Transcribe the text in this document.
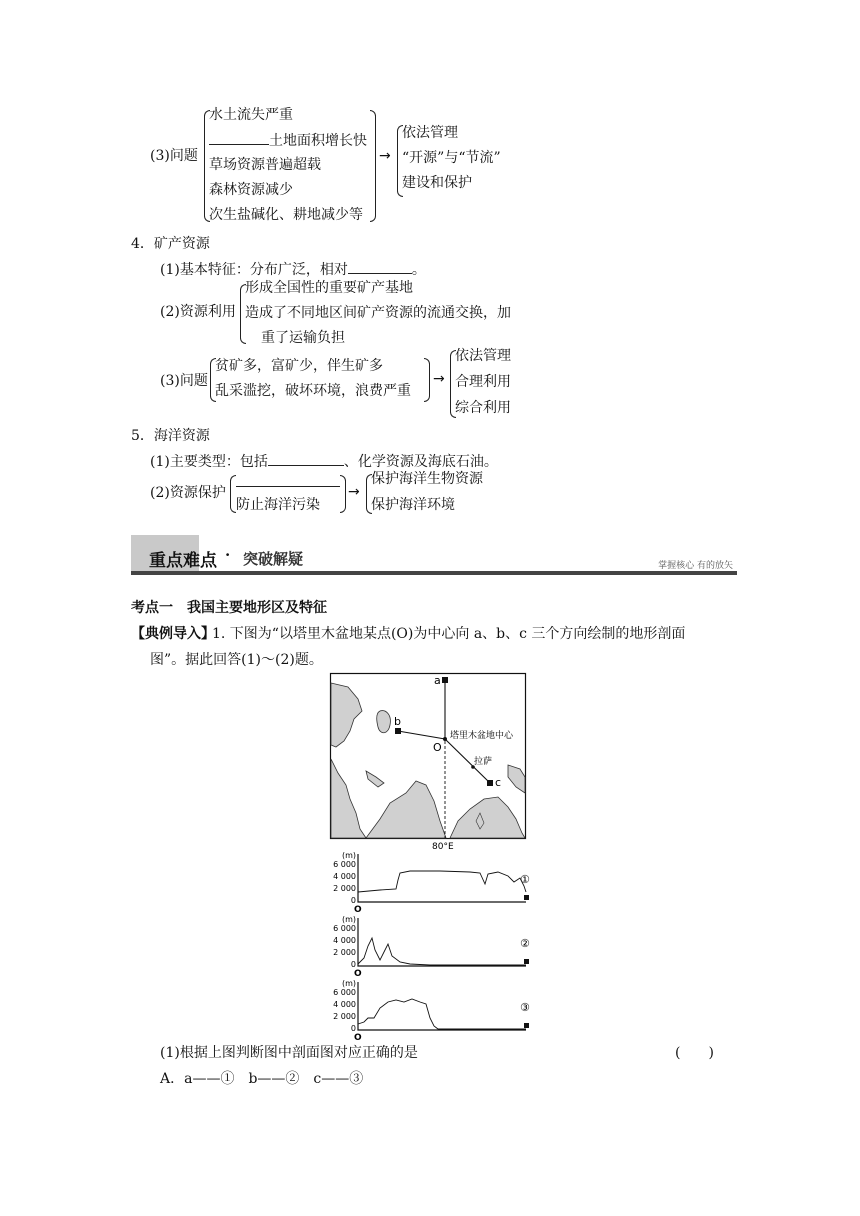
(3)问题
水土流失严重
土地面积增长快
草场资源普遍超载
森林资源减少
次生盐碱化、耕地减少等
→
依法管理
“开源”与“节流”
建设和保护
4．矿产资源
(1)基本特征：分布广泛，相对	。
(2)资源利用
形成全国性的重要矿产基地
造成了不同地区间矿产资源的流通交换，加
重了运输负担
(3)问题
贫矿多，富矿少，伴生矿多
乱采滥挖，破坏环境，浪费严重
→
依法管理
合理利用
综合利用
5．海洋资源
(1)主要类型：包括	、化学资源及海底石油。
(2)资源保护
防止海洋污染
→
保护海洋生物资源
保护海洋环境
重点难点 · 突破解疑	掌握核心 有的放矢
考点一　我国主要地形区及特征
【典例导入】
1. 下图为“以塔里木盆地某点(O)为中心向 a、b、c 三个方向绘制的地形剖面
图”。据此回答(1)～(2)题。
a
b
c
O
塔里木盆地中心
拉萨
80°E
(m)
6 000
4 000
2 000
0
O
①
(m)
6 000
4 000
2 000
0
O
②
(m)
6 000
4 000
2 000
0
O
③
(1)根据上图判断图中剖面图对应正确的是	(　　)
A．a——①　b——②　c——③
